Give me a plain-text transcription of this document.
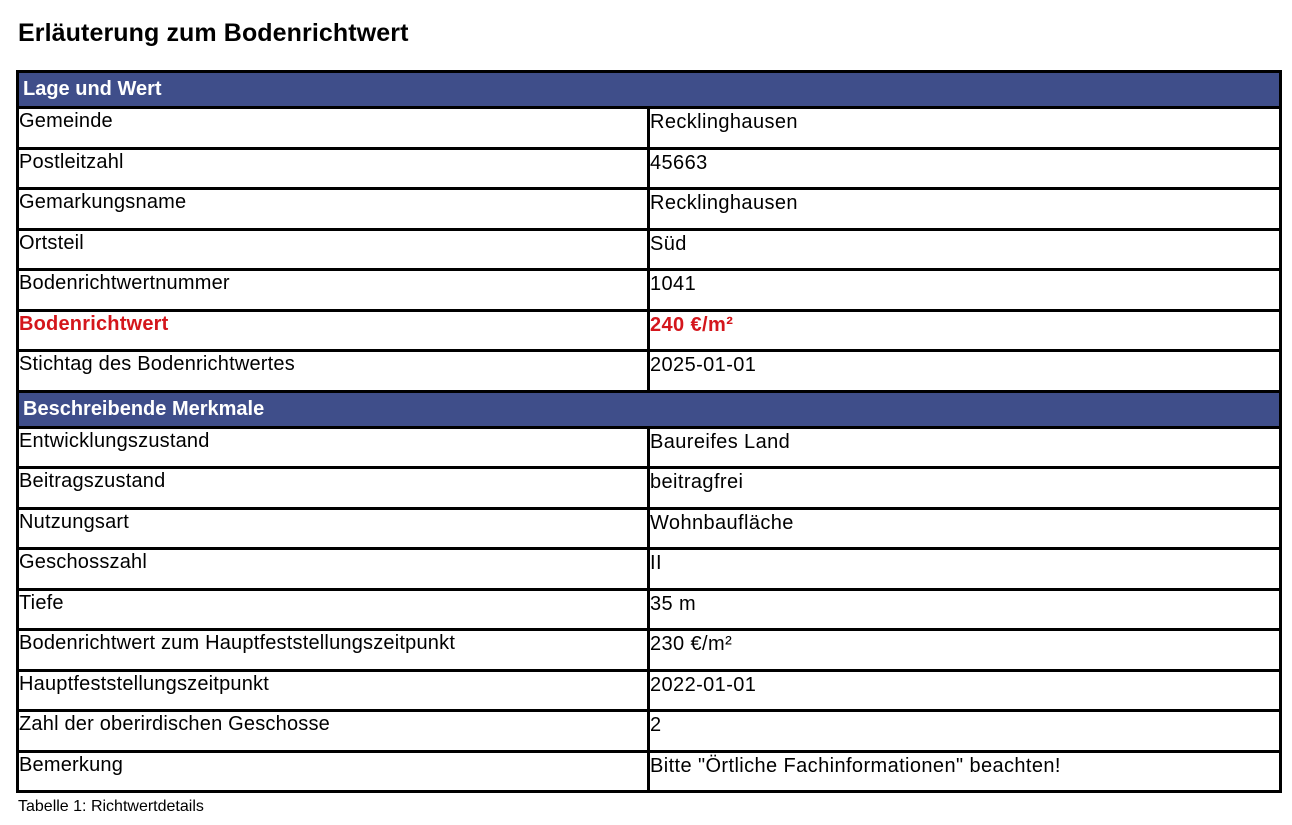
Erläuterung zum Bodenrichtwert
Lage und Wert	

Gemeinde	Recklinghausen

Postleitzahl	45663

Gemarkungsname	Recklinghausen

Ortsteil	Süd

Bodenrichtwertnummer	1041

Bodenrichtwert	240 €/m²

Stichtag des Bodenrichtwertes	2025-01-01

Beschreibende Merkmale	

Entwicklungszustand	Baureifes Land

Beitragszustand	beitragfrei

Nutzungsart	Wohnbaufläche

Geschosszahl	II

Tiefe	35 m

Bodenrichtwert zum Hauptfeststellungszeitpunkt	230 €/m²

Hauptfeststellungszeitpunkt	2022-01-01

Zahl der oberirdischen Geschosse	2

Bemerkung	Bitte "Örtliche Fachinformationen" beachten!

Tabelle 1: Richtwertdetails
